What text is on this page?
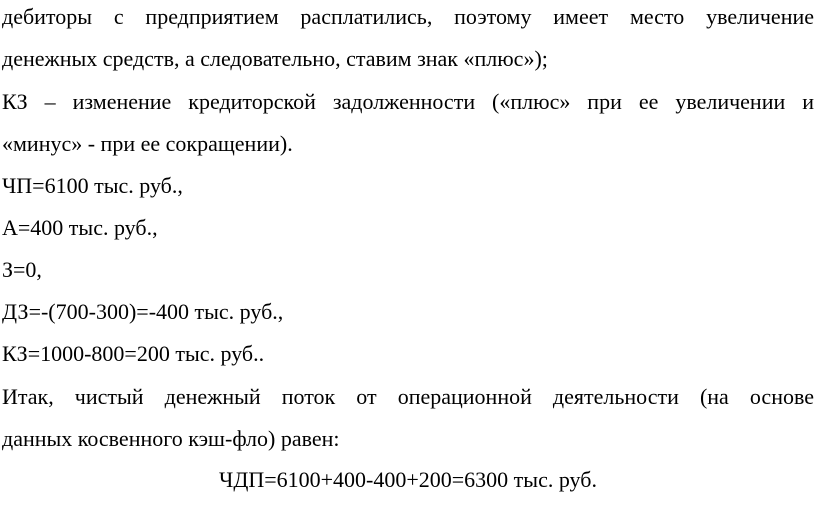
дебиторы с предприятием расплатились, поэтому имеет место увеличение
денежных средств, а следовательно, ставим знак «плюс»);
КЗ – изменение кредиторской задолженности («плюс» при ее увеличении и
«минус» - при ее сокращении).
ЧП=6100 тыс. руб.,
А=400 тыс. руб.,
З=0,
ДЗ=-(700-300)=-400 тыс. руб.,
КЗ=1000-800=200 тыс. руб..
Итак, чистый денежный поток от операционной деятельности (на основе
данных косвенного кэш-фло) равен:
ЧДП=6100+400-400+200=6300 тыс. руб.
